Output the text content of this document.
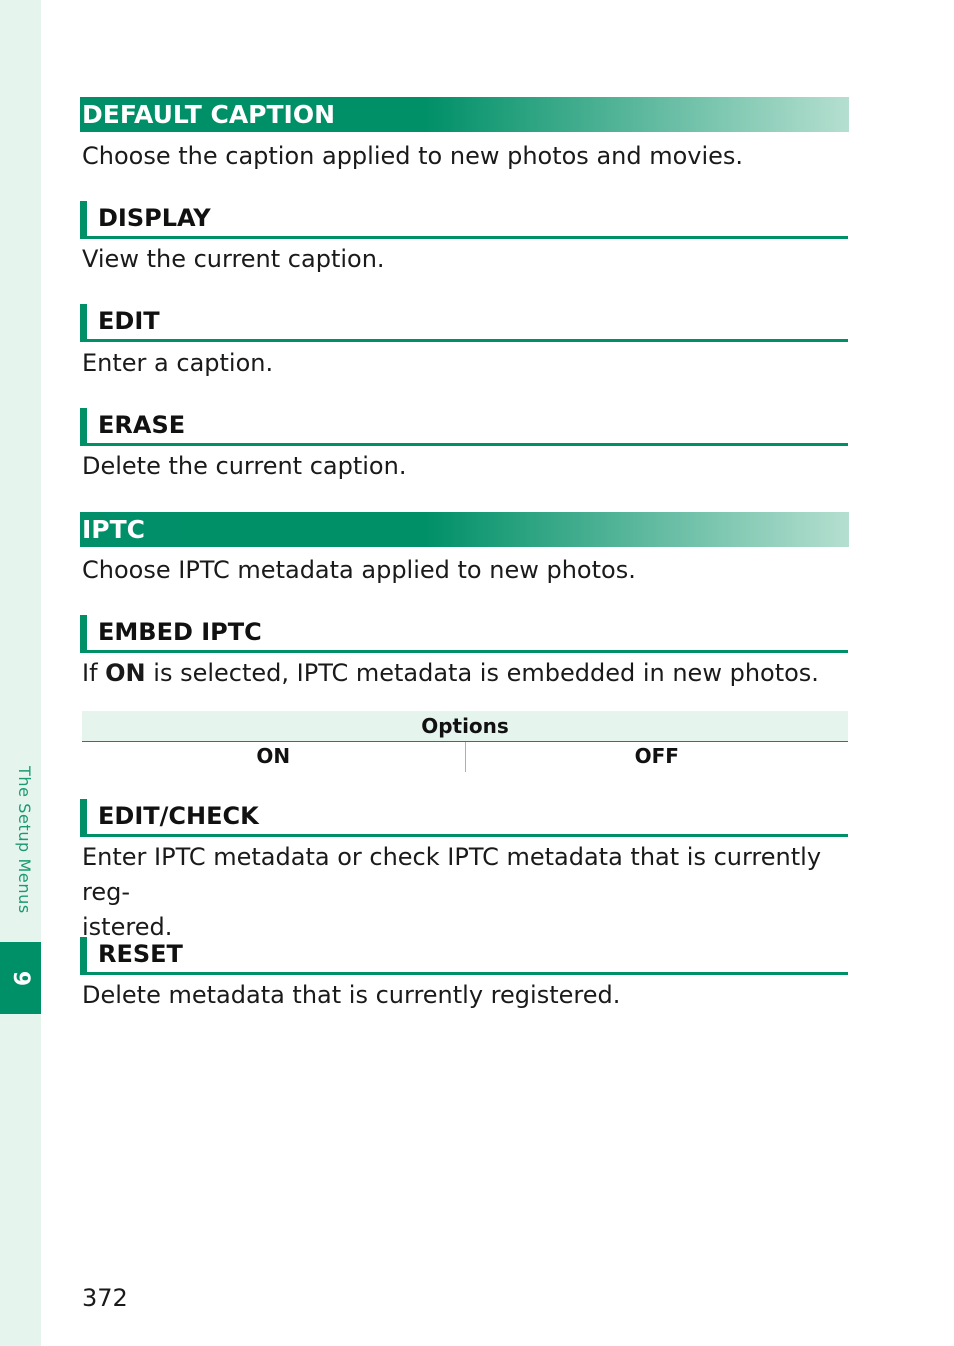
The Setup Menus
9
DEFAULT CAPTION

Choose the caption applied to new photos and movies.

DISPLAY

View the current caption.

EDIT

Enter a caption.

ERASE

Delete the current caption.

IPTC

Choose IPTC metadata applied to new photos.

EMBED IPTC

If ON is selected, IPTC metadata is embedded in new photos.

Options
ON	OFF
EDIT/CHECK

Enter IPTC metadata or check IPTC metadata that is currently reg-
istered.

RESET

Delete metadata that is currently registered.

372
